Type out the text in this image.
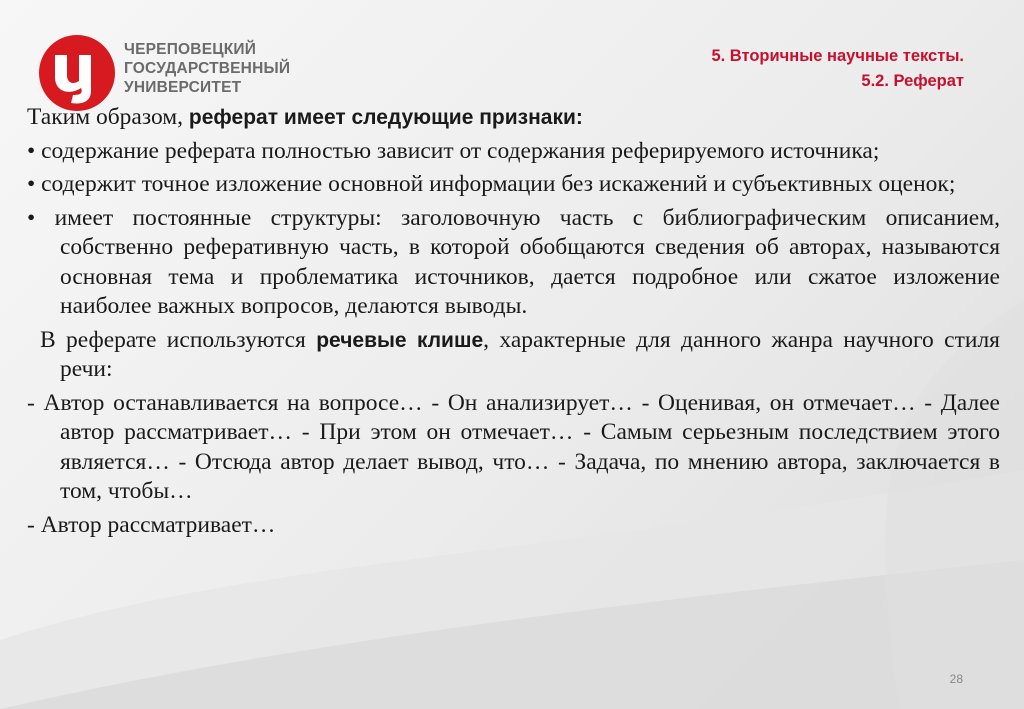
ЧЕРЕПОВЕЦКИЙ
ГОСУДАРСТВЕННЫЙ
УНИВЕРСИТЕТ
5. Вторичные научные тексты.
5.2. Реферат

Таким образом, реферат имеет следующие признаки:

• содержание реферата полностью зависит от содержания реферируемого источника;

• содержит точное изложение основной информации без искажений и субъективных оценок;

• имеет постоянные структуры: заголовочную часть с библиографическим описанием, собственно реферативную часть, в которой обобщаются сведения об авторах, называются основная тема и проблематика источников, дается подробное или сжатое изложение наиболее важных вопросов, делаются выводы.

В реферате используются речевые клише, характерные для данного жанра научного стиля речи:

- Автор останавливается на вопросе… - Он анализирует… - Оценивая, он отмечает… - Далее автор рассматривает… - При этом он отмечает… - Самым серьезным последствием этого является… - Отсюда автор делает вывод, что… - Задача, по мнению автора, заключается в том, чтобы…

- Автор рассматривает…

28
